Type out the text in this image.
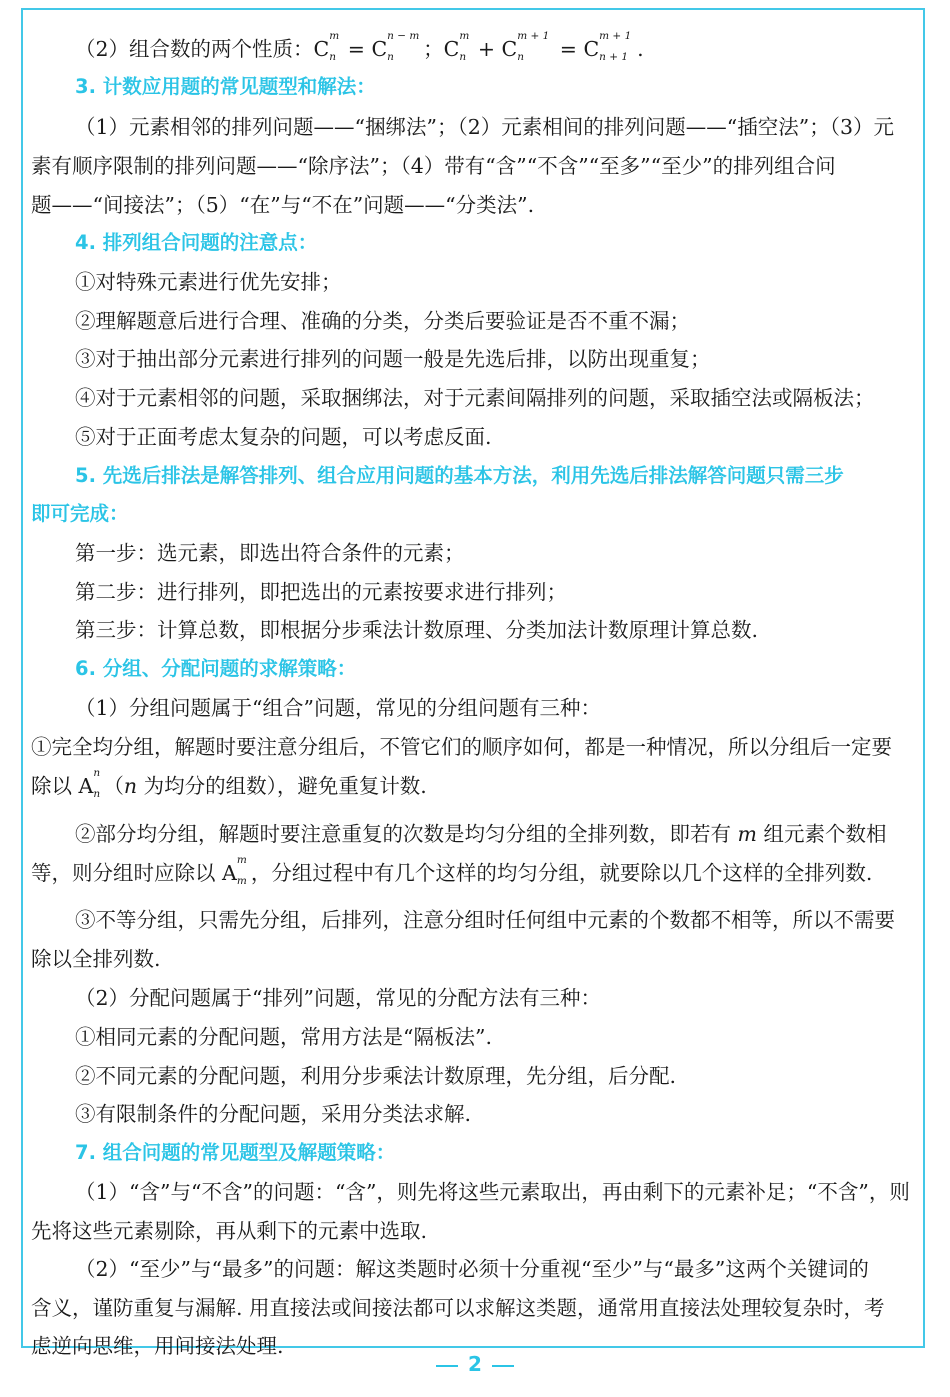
（2）组合数的两个性质：C
m
n = C
n − m
n ；C
m
n + C
m + 1
n = C
m + 1
n + 1 .
3. 计数应用题的常见题型和解法：
（1）元素相邻的排列问题——“捆绑法”；（2）元素相间的排列问题——“插空法”；（3）元
素有顺序限制的排列问题——“除序法”；（4）带有“含”“不含”“至多”“至少”的排列组合问
题——“间接法”；（5）“在”与“不在”问题——“分类法”.
4. 排列组合问题的注意点：
①对特殊元素进行优先安排；
②理解题意后进行合理、准确的分类，分类后要验证是否不重不漏；
③对于抽出部分元素进行排列的问题一般是先选后排，以防出现重复；
④对于元素相邻的问题，采取捆绑法，对于元素间隔排列的问题，采取插空法或隔板法；
⑤对于正面考虑太复杂的问题，可以考虑反面.
5. 先选后排法是解答排列、组合应用问题的基本方法，利用先选后排法解答问题只需三步
即可完成：
第一步：选元素，即选出符合条件的元素；
第二步：进行排列，即把选出的元素按要求进行排列；
第三步：计算总数，即根据分步乘法计数原理、分类加法计数原理计算总数.
6. 分组、分配问题的求解策略：
（1）分组问题属于“组合”问题，常见的分组问题有三种：
①完全均分组，解题时要注意分组后，不管它们的顺序如何，都是一种情况，所以分组后一定要
除以 A
n
n （n 为均分的组数），避免重复计数.
②部分均分组，解题时要注意重复的次数是均匀分组的全排列数，即若有 m 组元素个数相
等，则分组时应除以 A
m
m ，分组过程中有几个这样的均匀分组，就要除以几个这样的全排列数.
③不等分组，只需先分组，后排列，注意分组时任何组中元素的个数都不相等，所以不需要
除以全排列数.
（2）分配问题属于“排列”问题，常见的分配方法有三种：
①相同元素的分配问题，常用方法是“隔板法”.
②不同元素的分配问题，利用分步乘法计数原理，先分组，后分配.
③有限制条件的分配问题，采用分类法求解.
7. 组合问题的常见题型及解题策略：
（1）“含”与“不含”的问题：“含”，则先将这些元素取出，再由剩下的元素补足；“不含”，则
先将这些元素剔除，再从剩下的元素中选取.
（2）“至少”与“最多”的问题：解这类题时必须十分重视“至少”与“最多”这两个关键词的
含义，谨防重复与漏解. 用直接法或间接法都可以求解这类题，通常用直接法处理较复杂时，考
虑逆向思维，用间接法处理.
2
